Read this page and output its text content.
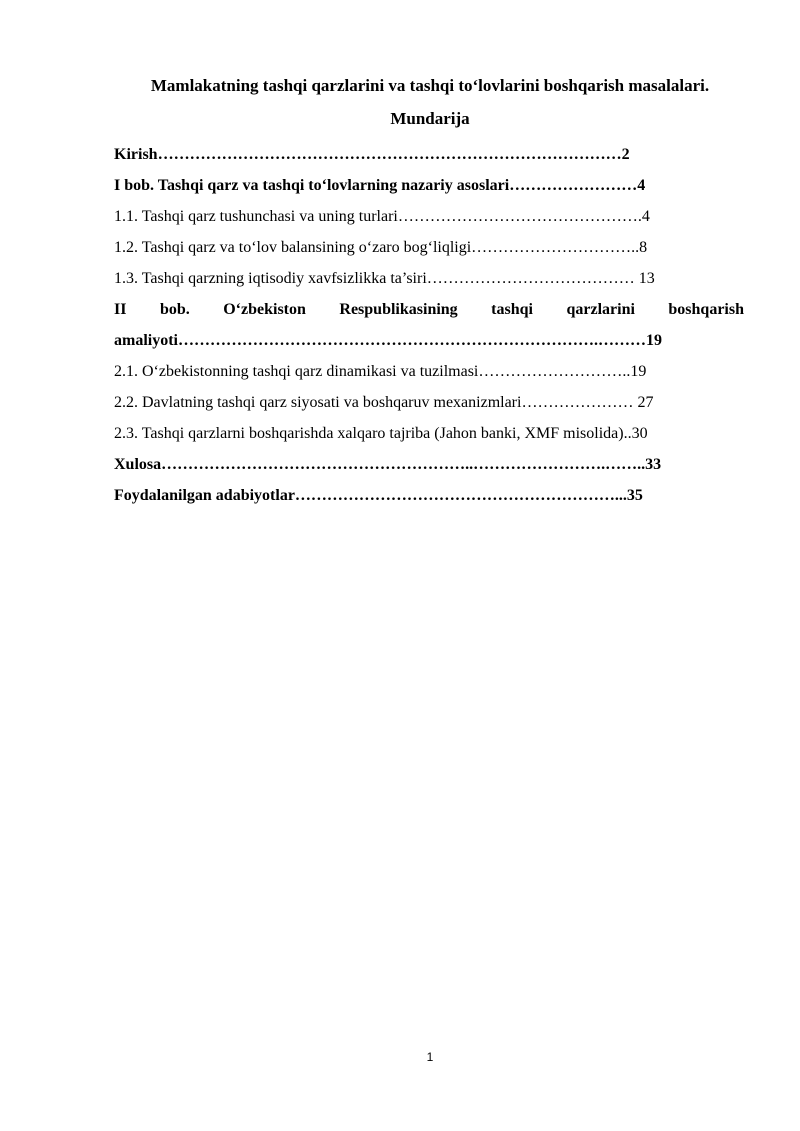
Mamlakatning tashqi qarzlarini va tashqi to‘lovlarini boshqarish masalalari.
Mundarija
Kirish……………………………………………………………………………2
I bob. Tashqi qarz va tashqi to‘lovlarning nazariy asoslari……………………4
1.1. Tashqi qarz tushunchasi va uning turlari……………………………………….4
1.2. Tashqi qarz va to‘lov balansining o‘zaro bog‘liqligi…………………………..8
1.3. Tashqi qarzning iqtisodiy xavfsizlikka ta’siri………………………………… 13
II bob. O‘zbekiston Respublikasining tashqi qarzlarini boshqarish amaliyoti…………………………………………………………………….………19
2.1. O‘zbekistonning tashqi qarz dinamikasi va tuzilmasi………………………..19
2.2. Davlatning tashqi qarz siyosati va boshqaruv mexanizmlari………………… 27
2.3. Tashqi qarzlarni boshqarishda xalqaro tajriba (Jahon banki, XMF misolida)..30
Xulosa…………………………………………………..…………………….……..33
Foydalanilgan adabiyotlar……………………………………………………...35
1
